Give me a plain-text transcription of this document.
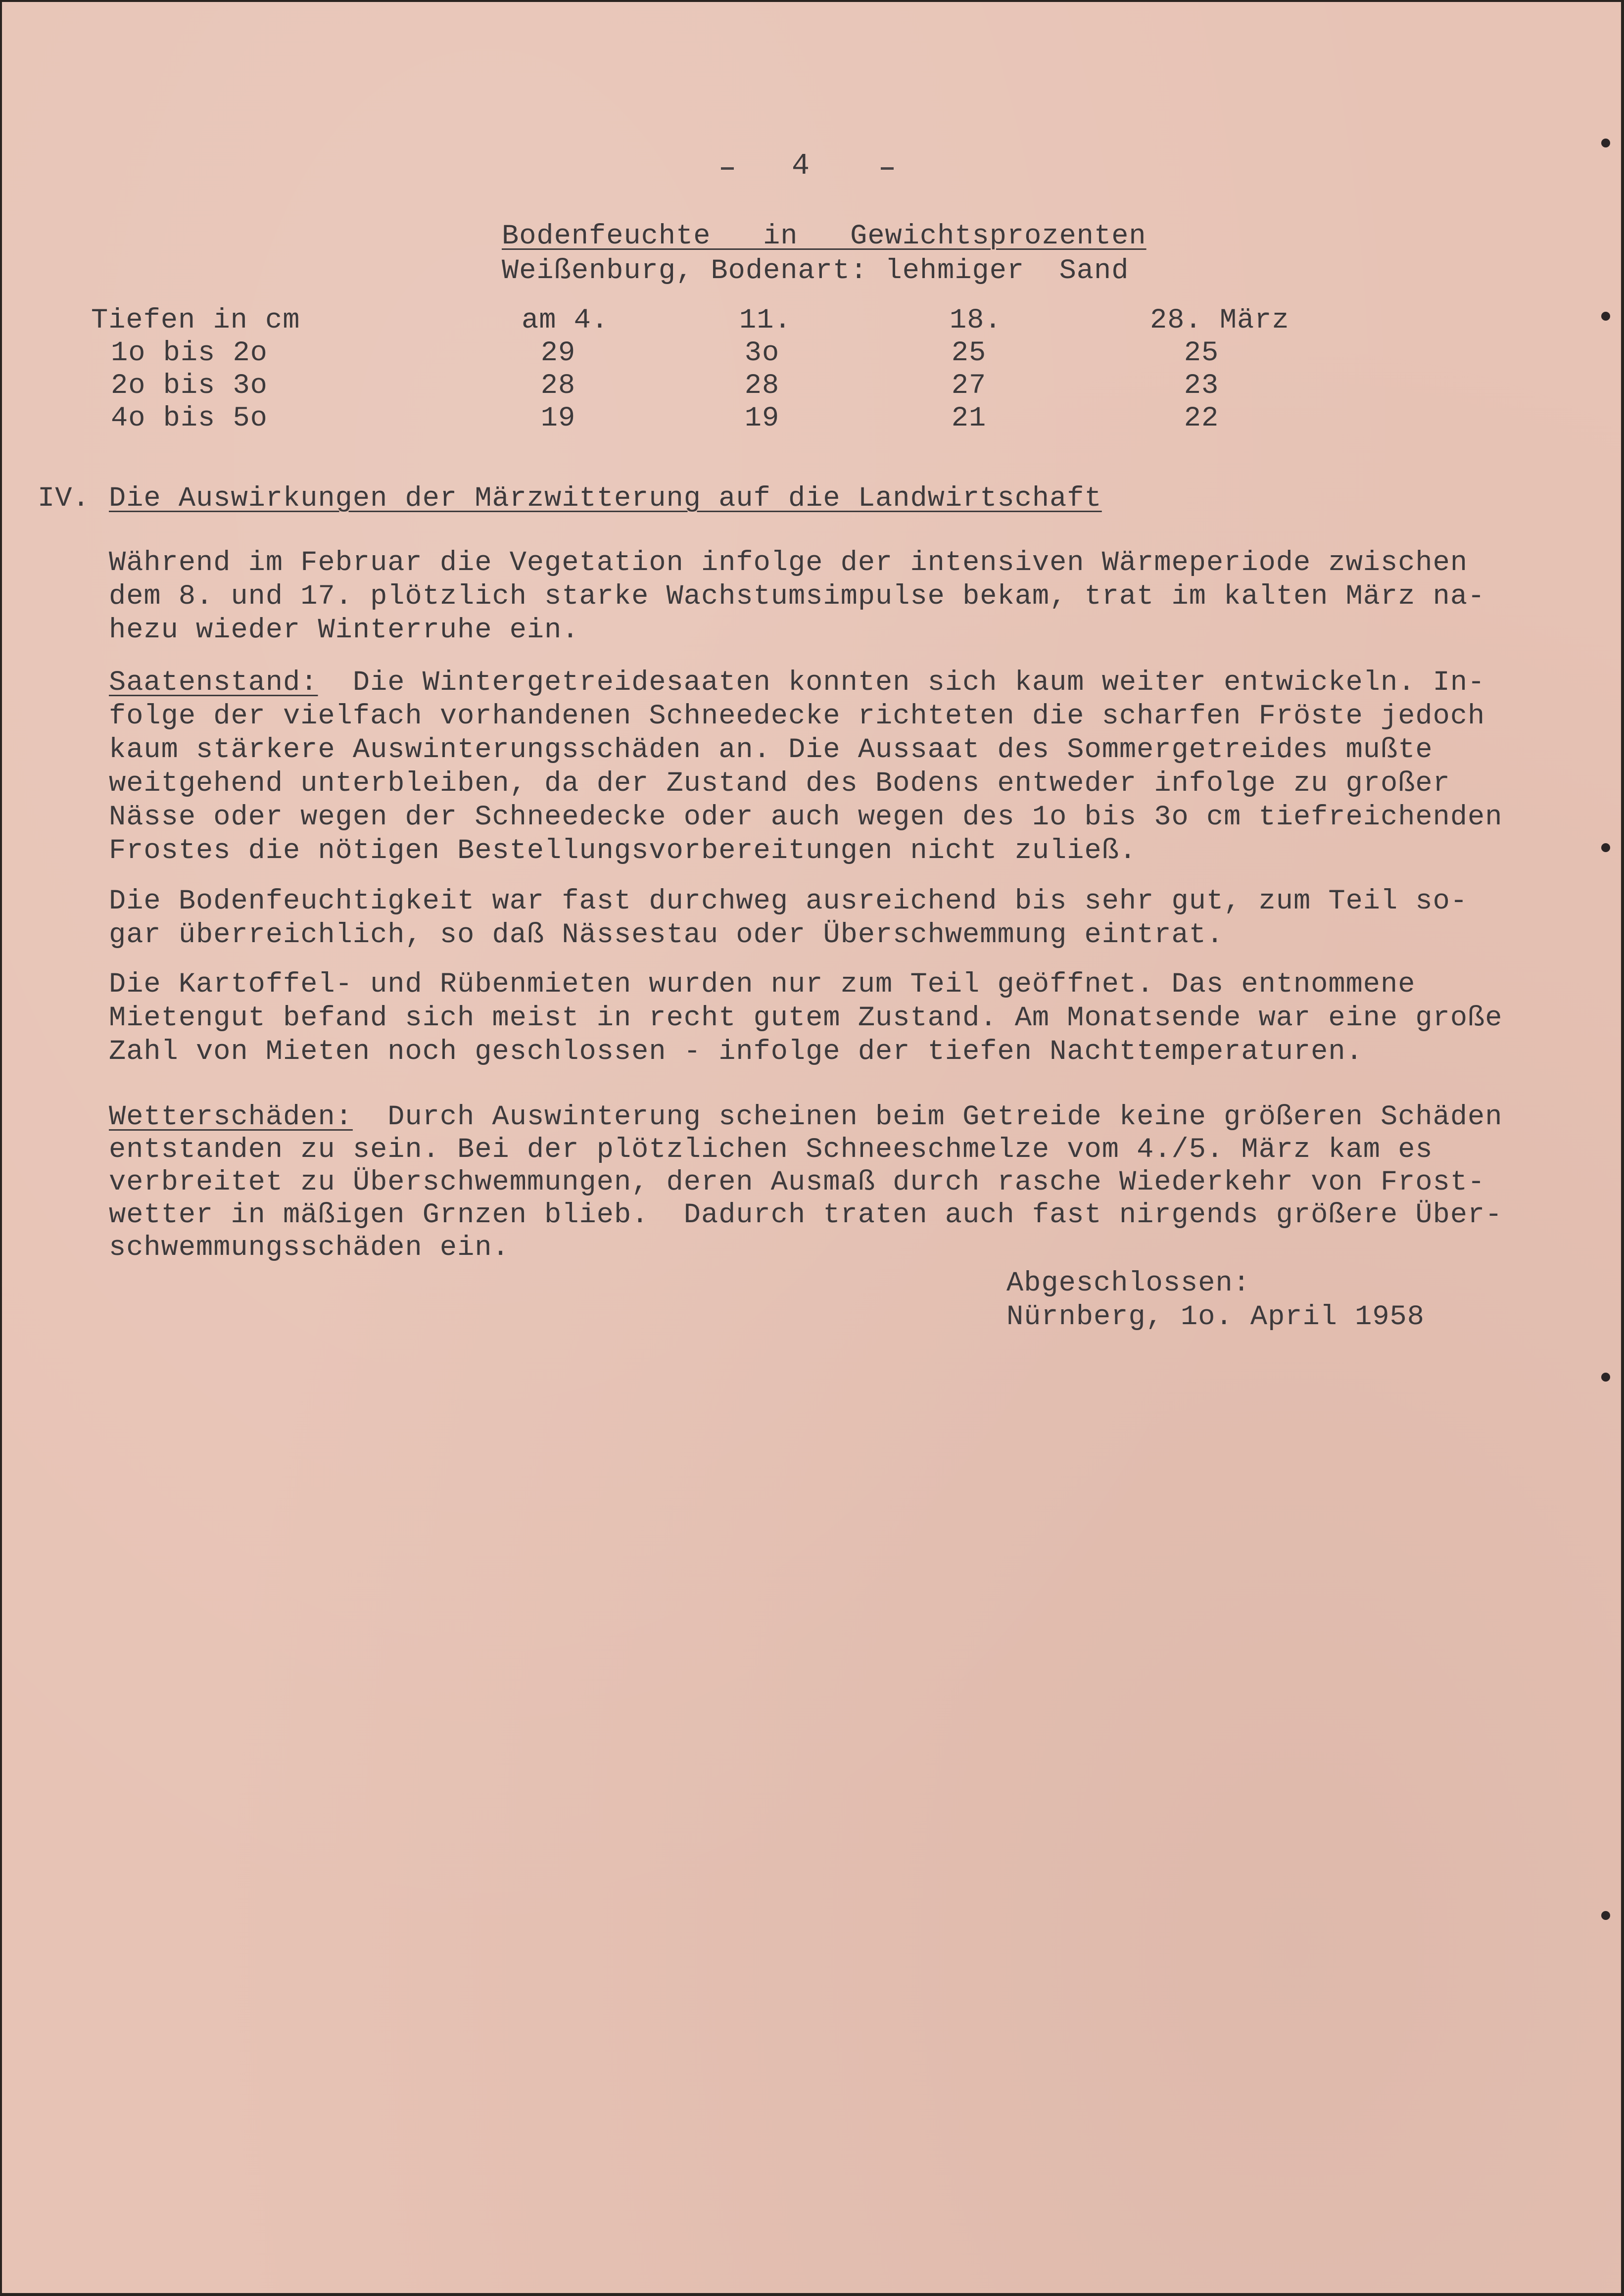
4
Bodenfeuchte   in   Gewichtsprozenten
Weißenburg, Bodenart: lehmiger  Sand
Tiefen in cm	am 4.	11.	18.	28. März
1o bis 2o	29	3o	25	25
2o bis 3o	28	28	27	23
4o bis 5o	19	19	21	22
IV. Die Auswirkungen der Märzwitterung auf die Landwirtschaft
Während im Februar die Vegetation infolge der intensiven Wärmeperiode zwischen
dem 8. und 17. plötzlich starke Wachstumsimpulse bekam, trat im kalten März na-
hezu wieder Winterruhe ein.
Saatenstand:  Die Wintergetreidesaaten konnten sich kaum weiter entwickeln. In-
folge der vielfach vorhandenen Schneedecke richteten die scharfen Fröste jedoch
kaum stärkere Auswinterungsschäden an. Die Aussaat des Sommergetreides mußte
weitgehend unterbleiben, da der Zustand des Bodens entweder infolge zu großer
Nässe oder wegen der Schneedecke oder auch wegen des 1o bis 3o cm tiefreichenden
Frostes die nötigen Bestellungsvorbereitungen nicht zuließ.
Die Bodenfeuchtigkeit war fast durchweg ausreichend bis sehr gut, zum Teil so-
gar überreichlich, so daß Nässestau oder Überschwemmung eintrat.
Die Kartoffel- und Rübenmieten wurden nur zum Teil geöffnet. Das entnommene
Mietengut befand sich meist in recht gutem Zustand. Am Monatsende war eine große
Zahl von Mieten noch geschlossen - infolge der tiefen Nachttemperaturen.
Wetterschäden:  Durch Auswinterung scheinen beim Getreide keine größeren Schäden
entstanden zu sein. Bei der plötzlichen Schneeschmelze vom 4./5. März kam es
verbreitet zu Überschwemmungen, deren Ausmaß durch rasche Wiederkehr von Frost-
wetter in mäßigen Grnzen blieb.  Dadurch traten auch fast nirgends größere Über-
schwemmungsschäden ein.
Abgeschlossen:
Nürnberg, 1o. April 1958
